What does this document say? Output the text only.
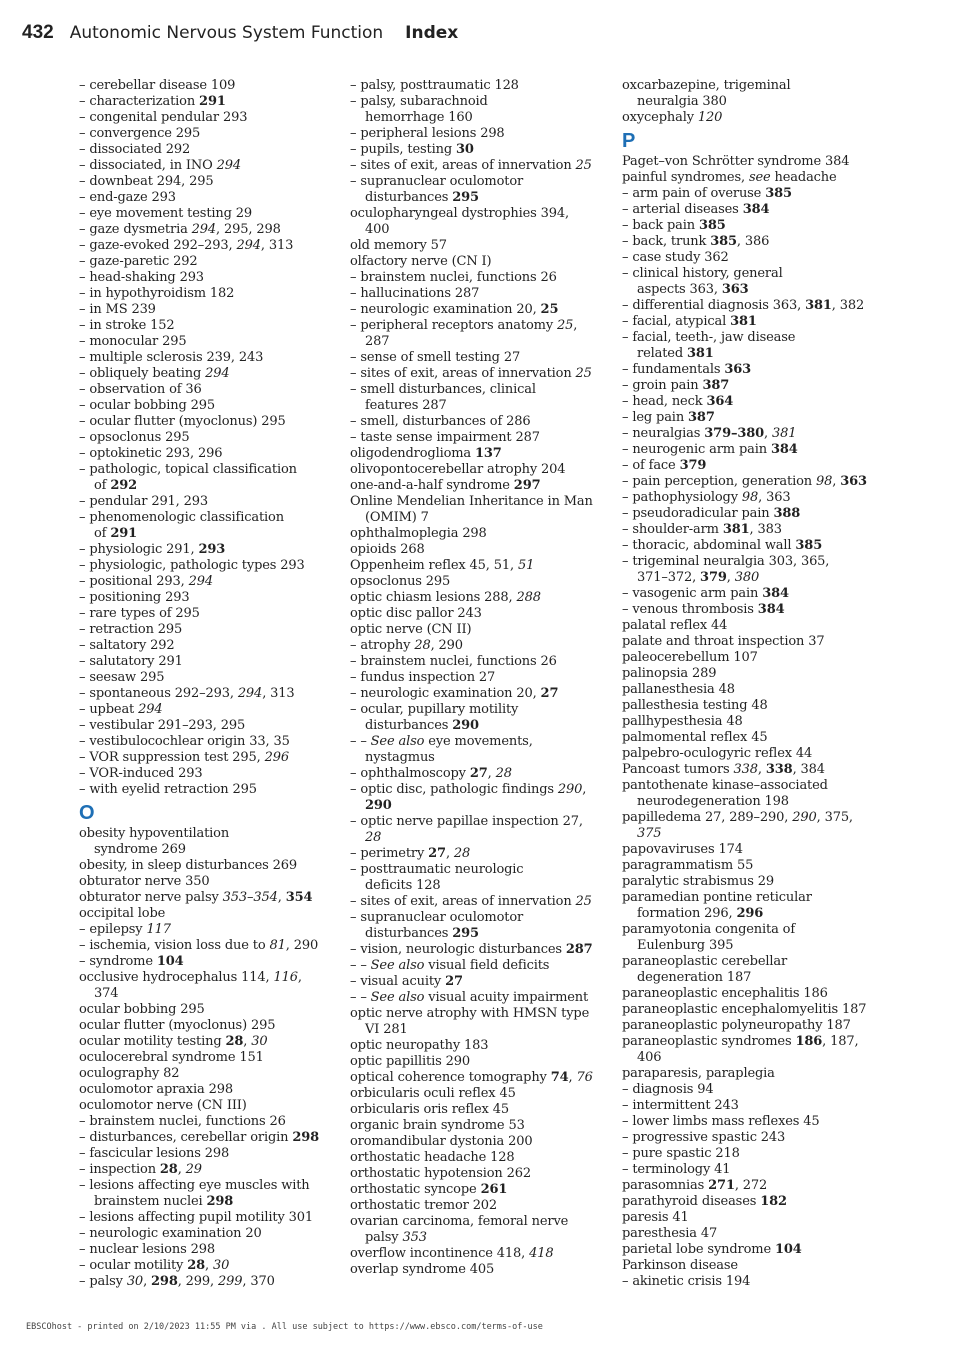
432 Autonomic Nervous System Function Index
– cerebellar disease 109
– characterization 291
– congenital pendular 293
– convergence 295
– dissociated 292
– dissociated, in INO 294
– downbeat 294, 295
– end-gaze 293
– eye movement testing 29
– gaze dysmetria 294, 295, 298
– gaze-evoked 292–293, 294, 313
– gaze-paretic 292
– head-shaking 293
– in hypothyroidism 182
– in MS 239
– in stroke 152
– monocular 295
– multiple sclerosis 239, 243
– obliquely beating 294
– observation of 36
– ocular bobbing 295
– ocular flutter (myoclonus) 295
– opsoclonus 295
– optokinetic 293, 296
– pathologic, topical classification
of 292
– pendular 291, 293
– phenomenologic classification
of 291
– physiologic 291, 293
– physiologic, pathologic types 293
– positional 293, 294
– positioning 293
– rare types of 295
– retraction 295
– saltatory 292
– salutatory 291
– seesaw 295
– spontaneous 292–293, 294, 313
– upbeat 294
– vestibular 291–293, 295
– vestibulocochlear origin 33, 35
– VOR suppression test 295, 296
– VOR-induced 293
– with eyelid retraction 295
O
obesity hypoventilation
syndrome 269
obesity, in sleep disturbances 269
obturator nerve 350
obturator nerve palsy 353–354, 354
occipital lobe
– epilepsy 117
– ischemia, vision loss due to 81, 290
– syndrome 104
occlusive hydrocephalus 114, 116,
374
ocular bobbing 295
ocular flutter (myoclonus) 295
ocular motility testing 28, 30
oculocerebral syndrome 151
oculography 82
oculomotor apraxia 298
oculomotor nerve (CN III)
– brainstem nuclei, functions 26
– disturbances, cerebellar origin 298
– fascicular lesions 298
– inspection 28, 29
– lesions affecting eye muscles with
brainstem nuclei 298
– lesions affecting pupil motility 301
– neurologic examination 20
– nuclear lesions 298
– ocular motility 28, 30
– palsy 30, 298, 299, 299, 370
– palsy, posttraumatic 128
– palsy, subarachnoid
hemorrhage 160
– peripheral lesions 298
– pupils, testing 30
– sites of exit, areas of innervation 25
– supranuclear oculomotor
disturbances 295
oculopharyngeal dystrophies 394,
400
old memory 57
olfactory nerve (CN I)
– brainstem nuclei, functions 26
– hallucinations 287
– neurologic examination 20, 25
– peripheral receptors anatomy 25,
287
– sense of smell testing 27
– sites of exit, areas of innervation 25
– smell disturbances, clinical
features 287
– smell, disturbances of 286
– taste sense impairment 287
oligodendroglioma 137
olivopontocerebellar atrophy 204
one-and-a-half syndrome 297
Online Mendelian Inheritance in Man
(OMIM) 7
ophthalmoplegia 298
opioids 268
Oppenheim reflex 45, 51, 51
opsoclonus 295
optic chiasm lesions 288, 288
optic disc pallor 243
optic nerve (CN II)
– atrophy 28, 290
– brainstem nuclei, functions 26
– fundus inspection 27
– neurologic examination 20, 27
– ocular, pupillary motility
disturbances 290
– – See also eye movements,
nystagmus
– ophthalmoscopy 27, 28
– optic disc, pathologic findings 290,
290
– optic nerve papillae inspection 27,
28
– perimetry 27, 28
– posttraumatic neurologic
deficits 128
– sites of exit, areas of innervation 25
– supranuclear oculomotor
disturbances 295
– vision, neurologic disturbances 287
– – See also visual field deficits
– visual acuity 27
– – See also visual acuity impairment
optic nerve atrophy with HMSN type
VI 281
optic neuropathy 183
optic papillitis 290
optical coherence tomography 74, 76
orbicularis oculi reflex 45
orbicularis oris reflex 45
organic brain syndrome 53
oromandibular dystonia 200
orthostatic headache 128
orthostatic hypotension 262
orthostatic syncope 261
orthostatic tremor 202
ovarian carcinoma, femoral nerve
palsy 353
overflow incontinence 418, 418
overlap syndrome 405
oxcarbazepine, trigeminal
neuralgia 380
oxycephaly 120
P
Paget–von Schrötter syndrome 384
painful syndromes, see headache
– arm pain of overuse 385
– arterial diseases 384
– back pain 385
– back, trunk 385, 386
– case study 362
– clinical history, general
aspects 363, 363
– differential diagnosis 363, 381, 382
– facial, atypical 381
– facial, teeth-, jaw disease
related 381
– fundamentals 363
– groin pain 387
– head, neck 364
– leg pain 387
– neuralgias 379–380, 381
– neurogenic arm pain 384
– of face 379
– pain perception, generation 98, 363
– pathophysiology 98, 363
– pseudoradicular pain 388
– shoulder-arm 381, 383
– thoracic, abdominal wall 385
– trigeminal neuralgia 303, 365,
371–372, 379, 380
– vasogenic arm pain 384
– venous thrombosis 384
palatal reflex 44
palate and throat inspection 37
paleocerebellum 107
palinopsia 289
pallanesthesia 48
pallesthesia testing 48
pallhypesthesia 48
palmomental reflex 45
palpebro-oculogyric reflex 44
Pancoast tumors 338, 338, 384
pantothenate kinase–associated
neurodegeneration 198
papilledema 27, 289–290, 290, 375,
375
papovaviruses 174
paragrammatism 55
paralytic strabismus 29
paramedian pontine reticular
formation 296, 296
paramyotonia congenita of
Eulenburg 395
paraneoplastic cerebellar
degeneration 187
paraneoplastic encephalitis 186
paraneoplastic encephalomyelitis 187
paraneoplastic polyneuropathy 187
paraneoplastic syndromes 186, 187,
406
paraparesis, paraplegia
– diagnosis 94
– intermittent 243
– lower limbs mass reflexes 45
– progressive spastic 243
– pure spastic 218
– terminology 41
parasomnias 271, 272
parathyroid diseases 182
paresis 41
paresthesia 47
parietal lobe syndrome 104
Parkinson disease
– akinetic crisis 194
EBSCOhost - printed on 2/10/2023 11:55 PM via . All use subject to https://www.ebsco.com/terms-of-use
